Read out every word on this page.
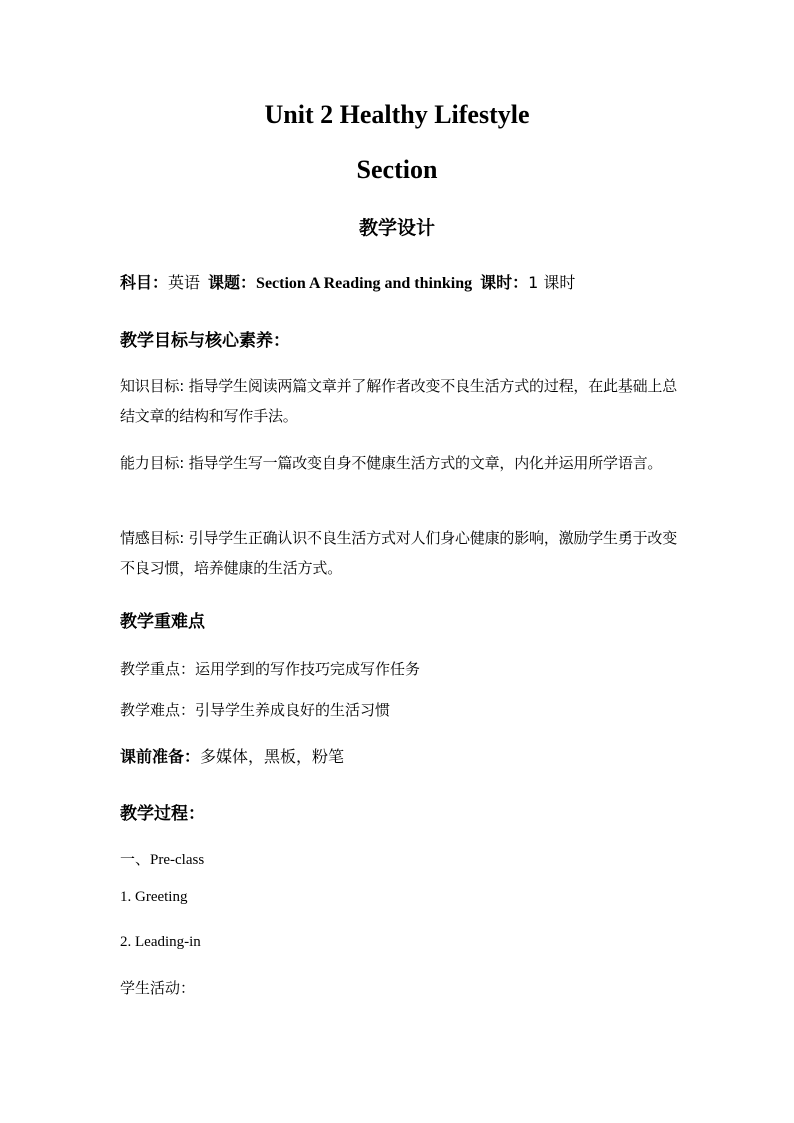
Unit 2 Healthy Lifestyle
Section
教学设计
科目：英语 课题：Section A Reading and thinking 课时：1 课时
教学目标与核心素养：

知识目标: 指导学生阅读两篇文章并了解作者改变不良生活方式的过程，在此基础上总结文章的结构和写作手法。

能力目标: 指导学生写一篇改变自身不健康生活方式的文章，内化并运用所学语言。

情感目标: 引导学生正确认识不良生活方式对人们身心健康的影响，激励学生勇于改变不良习惯，培养健康的生活方式。

教学重难点
教学重点：运用学到的写作技巧完成写作任务
教学难点：引导学生养成良好的生活习惯
课前准备：多媒体，黑板，粉笔
教学过程：
一、Pre-class
1. Greeting
2. Leading-in
学生活动：
